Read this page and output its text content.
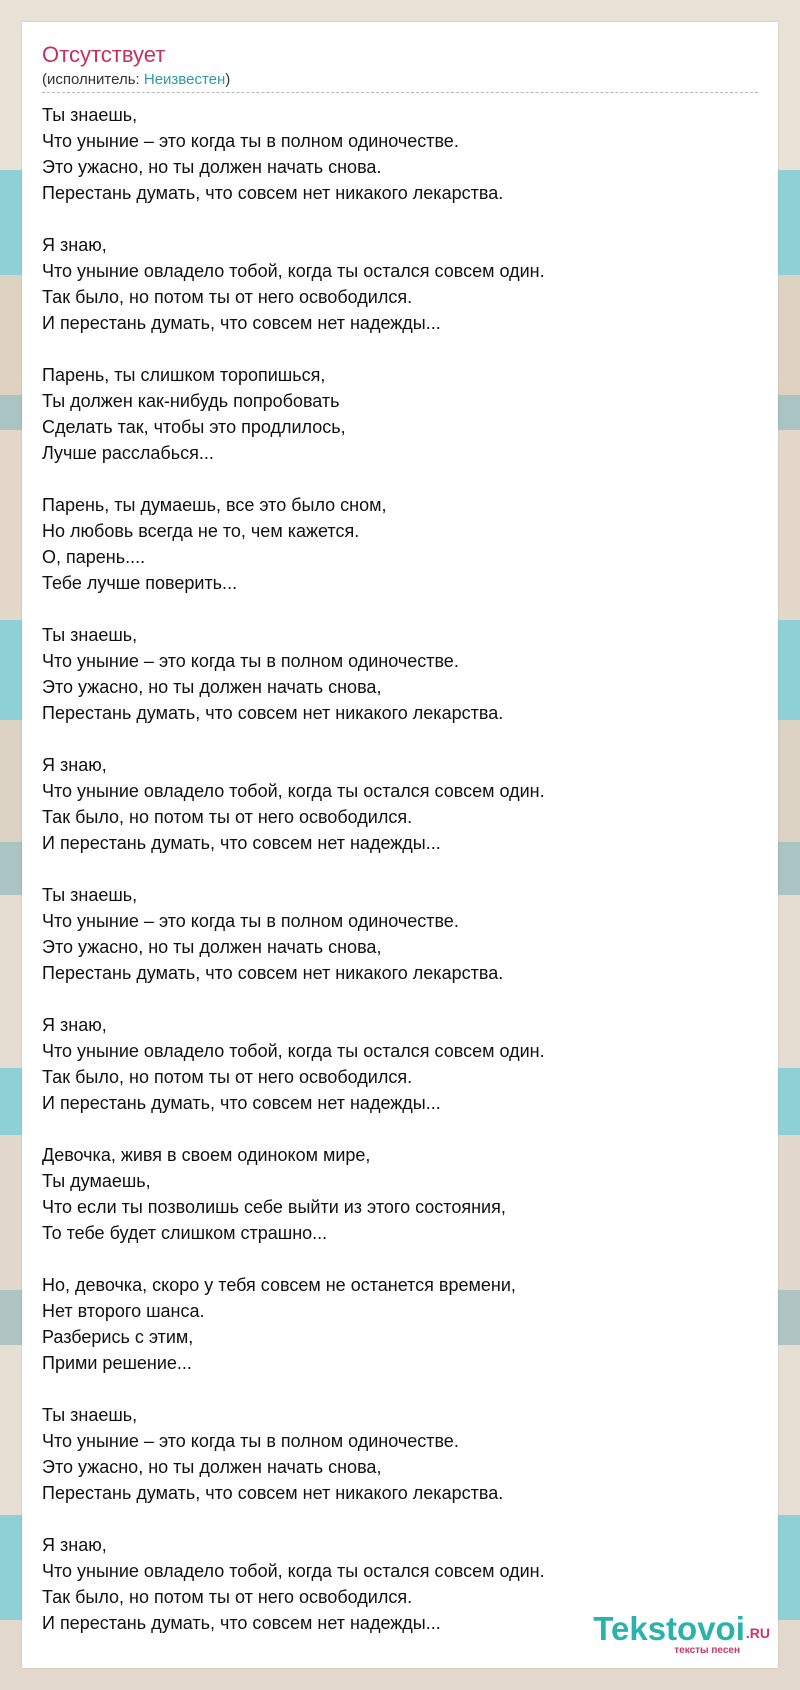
Отсутствует
(исполнитель: Неизвестен)
Ты знаешь,
Что уныние – это когда ты в полном одиночестве.
Это ужасно, но ты должен начать снова.
Перестань думать, что совсем нет никакого лекарства.
Я знаю,
Что уныние овладело тобой, когда ты остался совсем один.
Так было, но потом ты от него освободился.
И перестань думать, что совсем нет надежды...
Парень, ты слишком торопишься,
Ты должен как-нибудь попробовать
Сделать так, чтобы это продлилось,
Лучше расслабься...
Парень, ты думаешь, все это было сном,
Но любовь всегда не то, чем кажется.
О, парень....
Тебе лучше поверить...
Ты знаешь,
Что уныние – это когда ты в полном одиночестве.
Это ужасно, но ты должен начать снова,
Перестань думать, что совсем нет никакого лекарства.
Я знаю,
Что уныние овладело тобой, когда ты остался совсем один.
Так было, но потом ты от него освободился.
И перестань думать, что совсем нет надежды...
Ты знаешь,
Что уныние – это когда ты в полном одиночестве.
Это ужасно, но ты должен начать снова,
Перестань думать, что совсем нет никакого лекарства.
Я знаю,
Что уныние овладело тобой, когда ты остался совсем один.
Так было, но потом ты от него освободился.
И перестань думать, что совсем нет надежды...
Девочка, живя в своем одиноком мире,
Ты думаешь,
Что если ты позволишь себе выйти из этого состояния,
То тебе будет слишком страшно...
Но, девочка, скоро у тебя совсем не останется времени,
Нет второго шанса.
Разберись с этим,
Прими решение...
Ты знаешь,
Что уныние – это когда ты в полном одиночестве.
Это ужасно, но ты должен начать снова,
Перестань думать, что совсем нет никакого лекарства.
Я знаю,
Что уныние овладело тобой, когда ты остался совсем один.
Так было, но потом ты от него освободился.
И перестань думать, что совсем нет надежды...	Tekstovoi.RU
тексты песен
